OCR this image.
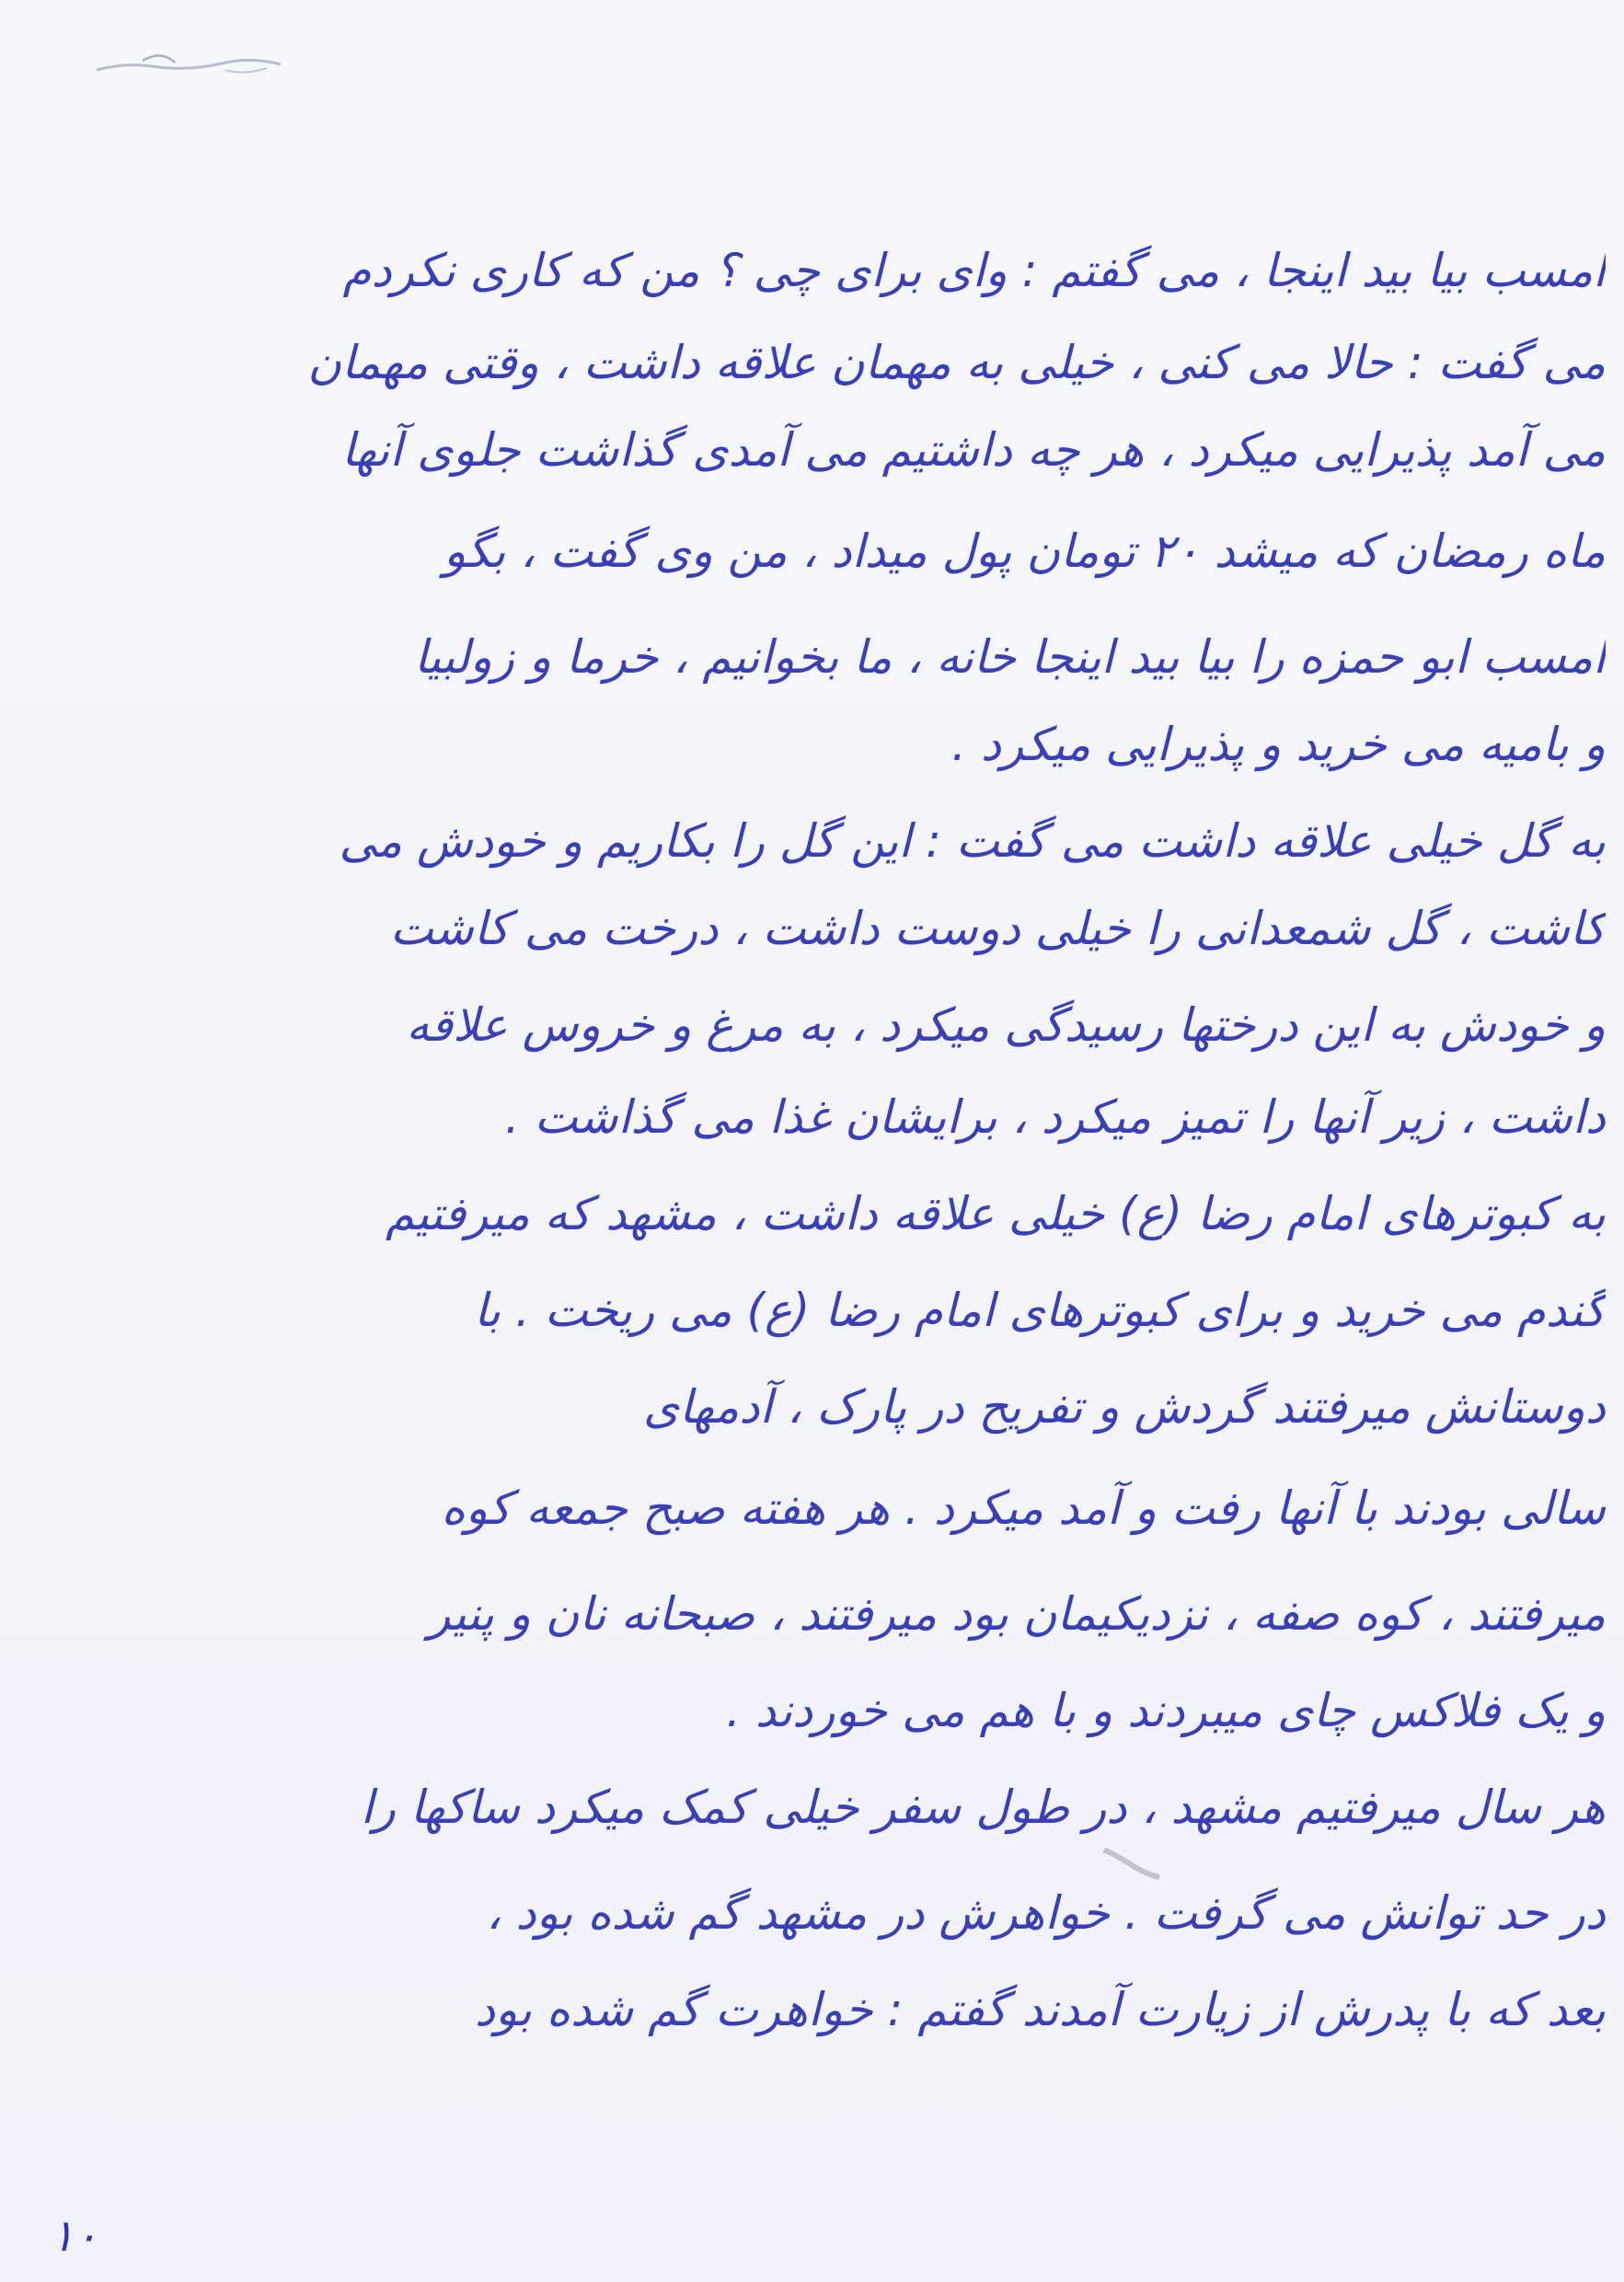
امسب بیا بید اینجا ، می گفتم : وای برای چی ؟ من که کاری نکردم
می گفت : حالا می کنی ، خیلی به مهمان علاقه داشت ، وقتی مهمان
می آمد پذیرایی میکرد ، هر چه داشتیم می آمدی گذاشت جلوی آنها
ماه رمضان که میشد ۲۰ تومان پول میداد ، من وی گفت ، بگو
امسب ابو حمزه را بیا بید اینجا خانه ، ما بخوانیم ، خرما و زولبیا
و بامیه می خرید و پذیرایی میکرد .
به گل خیلی علاقه داشت می گفت : این گل را بکاریم و خودش می
کاشت ، گل شمعدانی را خیلی دوست داشت ، درخت می کاشت
و خودش به این درختها رسیدگی میکرد ، به مرغ و خروس علاقه
داشت ، زیر آنها را تمیز میکرد ، برایشان غذا می گذاشت .
به کبوترهای امام رضا (ع) خیلی علاقه داشت ، مشهد که میرفتیم
گندم می خرید و برای کبوترهای امام رضا (ع) می ریخت . با
دوستانش میرفتند گردش و تفریح در پارک ، آدمهای
سالی بودند با آنها رفت و آمد میکرد . هر هفته صبح جمعه کوه
میرفتند ، کوه صفه ، نزدیکیمان بود میرفتند ، صبحانه نان و پنیر
و یک فلاکس چای میبردند و با هم می خوردند .
هر سال میرفتیم مشهد ، در طول سفر خیلی کمک میکرد ساکها را
در حد توانش می گرفت . خواهرش در مشهد گم شده بود ،
بعد که با پدرش از زیارت آمدند گفتم : خواهرت گم شده بود
۱۰
